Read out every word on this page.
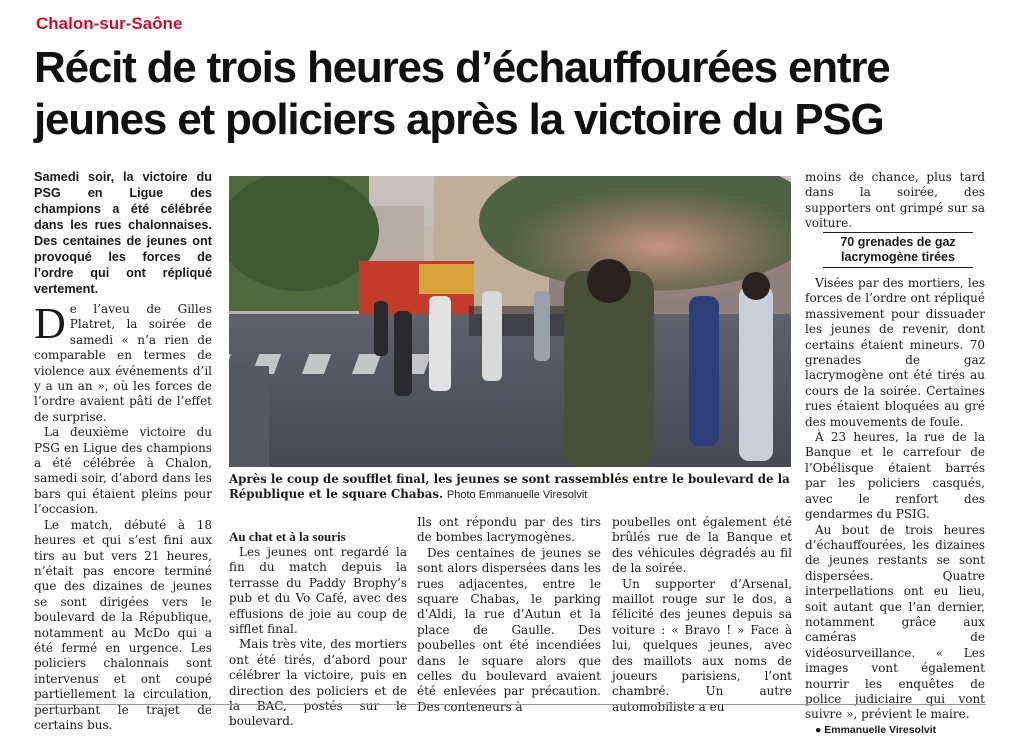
Chalon-sur-Saône
Récit de trois heures d’échauffourées entre
jeunes et policiers après la victoire du PSG
Samedi soir, la victoire du PSG en Ligue des champions a été célébrée dans les rues chalonnaises. Des centaines de jeunes ont provoqué les forces de l’ordre qui ont répliqué vertement.

De l’aveu de Gilles Platret, la soirée de samedi « n’a rien de comparable en termes de violence aux événements d’il y a un an », où les forces de l’ordre avaient pâti de l’effet de surprise.

La deuxième victoire du PSG en Ligue des champions a été célébrée à Chalon, samedi soir, d’abord dans les bars qui étaient pleins pour l’occasion.

Le match, débuté à 18 heures et qui s’est fini aux tirs au but vers 21 heures, n’était pas encore terminé que des dizaines de jeunes se sont dirigées vers le boulevard de la République, notamment au McDo qui a été fermé en urgence. Les policiers chalonnais sont intervenus et ont coupé partiellement la circulation, perturbant le trajet de certains bus.

Après le coup de soufflet final, les jeunes se sont rassemblés entre le boulevard de la République et le square Chabas. Photo Emmanuelle Viresolvit
Au chat et à la souris

Les jeunes ont regardé la fin du match depuis la terrasse du Paddy Brophy’s pub et du Vo Café, avec des effusions de joie au coup de sifflet final.

Mais très vite, des mortiers ont été tirés, d’abord pour célébrer la victoire, puis en direction des policiers et de la BAC, postés sur le boulevard.

Ils ont répondu par des tirs de bombes lacrymogènes.

Des centaines de jeunes se sont alors dispersées dans les rues adjacentes, entre le square Chabas, le parking d’Aldi, la rue d’Autun et la place de Gaulle. Des poubelles ont été incendiées dans le square alors que celles du boulevard avaient été enlevées par précaution. Des conteneurs à

poubelles ont également été brûlés rue de la Banque et des véhicules dégradés au fil de la soirée.

Un supporter d’Arsenal, maillot rouge sur le dos, a félicité des jeunes depuis sa voiture : « Bravo ! » Face à lui, quelques jeunes, avec des maillots aux noms de joueurs parisiens, l’ont chambré. Un autre automobiliste a eu

moins de chance, plus tard dans la soirée, des supporters ont grimpé sur sa voiture.

70 grenades de gaz lacrymogène tirées

Visées par des mortiers, les forces de l’ordre ont répliqué massivement pour dissuader les jeunes de revenir, dont certains étaient mineurs. 70 grenades de gaz lacrymogène ont été tirés au cours de la soirée. Certaines rues étaient bloquées au gré des mouvements de foule.

À 23 heures, la rue de la Banque et le carrefour de l’Obélisque étaient barrés par les policiers casqués, avec le renfort des gendarmes du PSIG.

Au bout de trois heures d’échauffourées, les dizaines de jeunes restants se sont dispersées. Quatre interpellations ont eu lieu, soit autant que l’an dernier, notamment grâce aux caméras de vidéosurveillance. « Les images vont également nourrir les enquêtes de police judiciaire qui vont suivre », prévient le maire.

● Emmanuelle Viresolvit
